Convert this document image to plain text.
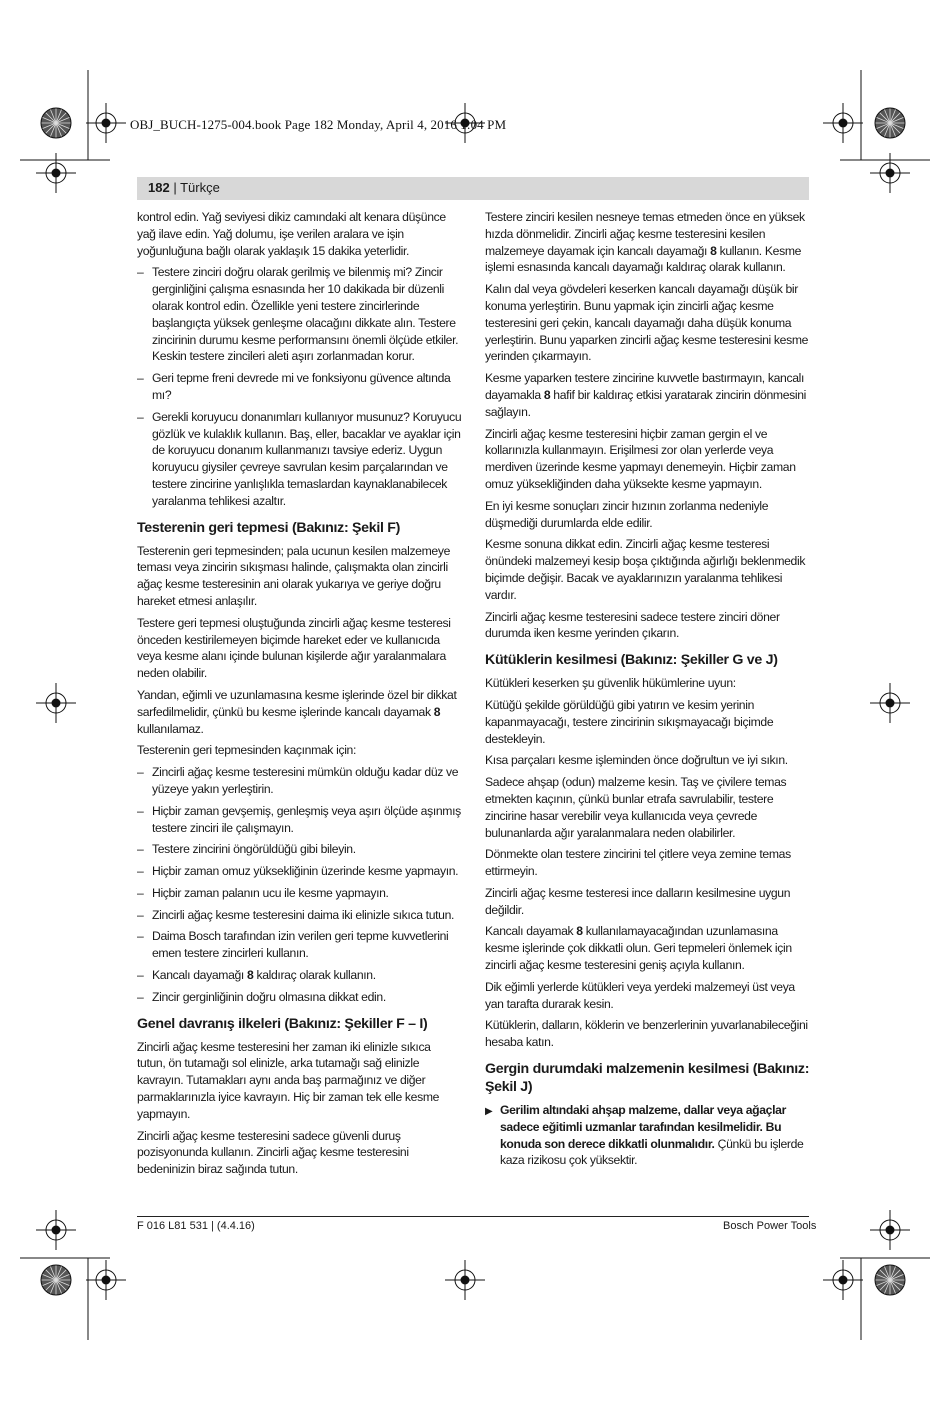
OBJ_BUCH-1275-004.book Page 182 Monday, April 4, 2016 1:04 PM
182 | Türkçe
kontrol edin. Yağ seviyesi dikiz camındaki alt kenara düşünce yağ ilave edin. Yağ dolumu, işe verilen aralara ve işin yoğunluğuna bağlı olarak yaklaşık 15 dakika yeterlidir.
– Testere zinciri doğru olarak gerilmiş ve bilenmiş mi? Zincir gerginliğini çalışma esnasında her 10 dakikada bir düzenli olarak kontrol edin. Özellikle yeni testere zincirlerinde başlangıçta yüksek genleşme olacağını dikkate alın. Testere zincirinin durumu kesme performansını önemli ölçüde etkiler. Keskin testere zincileri aleti aşırı zorlanmadan korur.
– Geri tepme freni devrede mi ve fonksiyonu güvence altında mı?
– Gerekli koruyucu donanımları kullanıyor musunuz? Koruyucu gözlük ve kulaklık kullanın. Baş, eller, bacaklar ve ayaklar için de koruyucu donanım kullanmanızı tavsiye ederiz. Uygun koruyucu giysiler çevreye savrulan kesim parçalarından ve testere zincirine yanlışlıkla temaslardan kaynaklanabilecek yaralanma tehlikesi azaltır.
Testerenin geri tepmesi (Bakınız: Şekil F)
Testerenin geri tepmesinden; pala ucunun kesilen malzemeye teması veya zincirin sıkışması halinde, çalışmakta olan zincirli ağaç kesme testeresinin ani olarak yukarıya ve geriye doğru hareket etmesi anlaşılır.
Testere geri tepmesi oluştuğunda zincirli ağaç kesme testeresi önceden kestirilemeyen biçimde hareket eder ve kullanıcıda veya kesme alanı içinde bulunan kişilerde ağır yaralanmalara neden olabilir.
Yandan, eğimli ve uzunlamasına kesme işlerinde özel bir dikkat sarfedilmelidir, çünkü bu kesme işlerinde kancalı dayamak 8 kullanılamaz.
Testerenin geri tepmesinden kaçınmak için:
– Zincirli ağaç kesme testeresini mümkün olduğu kadar düz ve yüzeye yakın yerleştirin.
– Hiçbir zaman gevşemiş, genleşmiş veya aşırı ölçüde aşınmış testere zinciri ile çalışmayın.
– Testere zincirini öngörüldüğü gibi bileyin.
– Hiçbir zaman omuz yüksekliğinin üzerinde kesme yapmayın.
– Hiçbir zaman palanın ucu ile kesme yapmayın.
– Zincirli ağaç kesme testeresini daima iki elinizle sıkıca tutun.
– Daima Bosch tarafından izin verilen geri tepme kuvvetlerini emen testere zincirleri kullanın.
– Kancalı dayamağı 8 kaldıraç olarak kullanın.
– Zincir gerginliğinin doğru olmasına dikkat edin.
Genel davranış ilkeleri (Bakınız: Şekiller F – I)
Zincirli ağaç kesme testeresini her zaman iki elinizle sıkıca tutun, ön tutamağı sol elinizle, arka tutamağı sağ elinizle kavrayın. Tutamakları aynı anda baş parmağınız ve diğer parmaklarınızla iyice kavrayın. Hiç bir zaman tek elle kesme yapmayın.
Zincirli ağaç kesme testeresini sadece güvenli duruş pozisyonunda kullanın. Zincirli ağaç kesme testeresini bedeninizin biraz sağında tutun.
Testere zinciri kesilen nesneye temas etmeden önce en yüksek hızda dönmelidir. Zincirli ağaç kesme testeresini kesilen malzemeye dayamak için kancalı dayamağı 8 kullanın. Kesme işlemi esnasında kancalı dayamağı kaldıraç olarak kullanın.
Kalın dal veya gövdeleri keserken kancalı dayamağı düşük bir konuma yerleştirin. Bunu yapmak için zincirli ağaç kesme testeresini geri çekin, kancalı dayamağı daha düşük konuma yerleştirin. Bunu yaparken zincirli ağaç kesme testeresini kesme yerinden çıkarmayın.
Kesme yaparken testere zincirine kuvvetle bastırmayın, kancalı dayamakla 8 hafif bir kaldıraç etkisi yaratarak zincirin dönmesini sağlayın.
Zincirli ağaç kesme testeresini hiçbir zaman gergin el ve kollarınızla kullanmayın. Erişilmesi zor olan yerlerde veya merdiven üzerinde kesme yapmayı denemeyin. Hiçbir zaman omuz yüksekliğinden daha yüksekte kesme yapmayın.
En iyi kesme sonuçları zincir hızının zorlanma nedeniyle düşmediği durumlarda elde edilir.
Kesme sonuna dikkat edin. Zincirli ağaç kesme testeresi önündeki malzemeyi kesip boşa çıktığında ağırlığı beklenmedik biçimde değişir. Bacak ve ayaklarınızın yaralanma tehlikesi vardır.
Zincirli ağaç kesme testeresini sadece testere zinciri döner durumda iken kesme yerinden çıkarın.
Kütüklerin kesilmesi (Bakınız: Şekiller G ve J)
Kütükleri keserken şu güvenlik hükümlerine uyun:
Kütüğü şekilde görüldüğü gibi yatırın ve kesim yerinin kapanmayacağı, testere zincirinin sıkışmayacağı biçimde destekleyin.
Kısa parçaları kesme işleminden önce doğrultun ve iyi sıkın.
Sadece ahşap (odun) malzeme kesin. Taş ve çivilere temas etmekten kaçının, çünkü bunlar etrafa savrulabilir, testere zincirine hasar verebilir veya kullanıcıda veya çevrede bulunanlarda ağır yaralanmalara neden olabilirler.
Dönmekte olan testere zincirini tel çitlere veya zemine temas ettirmeyin.
Zincirli ağaç kesme testeresi ince dalların kesilmesine uygun değildir.
Kancalı dayamak 8 kullanılamayacağından uzunlamasına kesme işlerinde çok dikkatli olun. Geri tepmeleri önlemek için zincirli ağaç kesme testeresini geniş açıyla kullanın.
Dik eğimli yerlerde kütükleri veya yerdeki malzemeyi üst veya yan tarafta durarak kesin.
Kütüklerin, dalların, köklerin ve benzerlerinin yuvarlanabileceğini hesaba katın.
Gergin durumdaki malzemenin kesilmesi (Bakınız: Şekil J)
▶ Gerilim altındaki ahşap malzeme, dallar veya ağaçlar sadece eğitimli uzmanlar tarafından kesilmelidir. Bu konuda son derece dikkatli olunmalıdır. Çünkü bu işlerde kaza rizikosu çok yüksektir.
F 016 L81 531 | (4.4.16)	Bosch Power Tools
